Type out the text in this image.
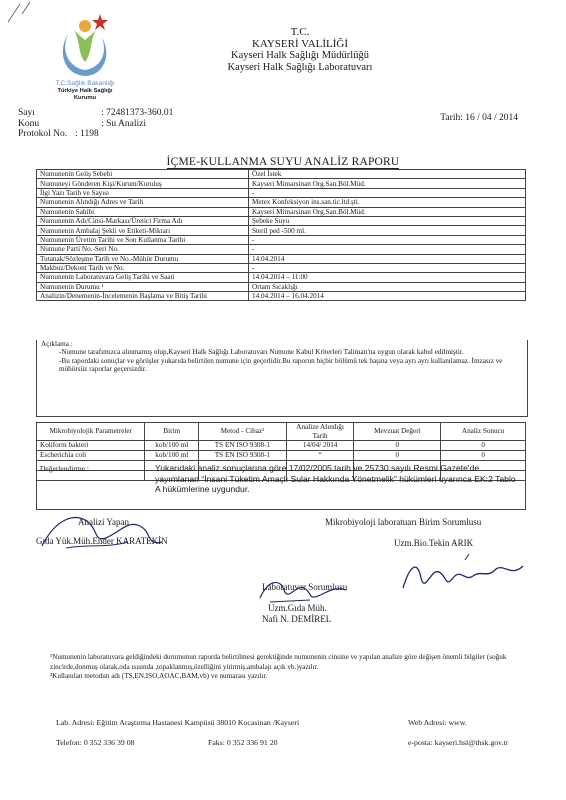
T.C.Sağlık Bakanlığı
Türkiye Halk Sağlığı
Kurumu
T.C.
KAYSERİ VALİLİĞİ
Kayseri Halk Sağlığı Müdürlüğü
Kayseri Halk Sağlığı Laboratuvarı
Sayı	: 72481373-360.01
Konu	: Su Analizi
Protokol No.	: 1198
Tarih: 16 / 04 / 2014
İÇME-KULLANMA SUYU ANALİZ RAPORU
Numunenin Geliş Sebebi	Özel İstek
Numuneyi Gönderen Kişi/Kurum/Kuruluş	Kayseri Mimarsinan Org.San.Böl.Müd.
İlgi Yazı Tarih ve Sayısı	-
Numunenin Alındığı Adres ve Tarih	Metex Konfeksiyon ins.san.tic.ltd.şti.
Numunenin Sahibi	Kayseri Mimarsinan Org.San.Böl.Müd.
Numunenin Adı/Cinsi-Markası/Üretici Firma Adı	Şebeke Suyu
Numunenin Ambalaj Şekli ve Etiketi-Miktarı	Steril ped -500 ml.
Numunenin Üretim Tarihi ve Son Kullanma Tarihi	-
Numune Parti No.-Seri No.	-
Tutanak/Sözleşme Tarih ve No.-Mühür Durumu	14.04.2014
Makbuz/Dekont Tarih ve No.	-
Numunenin Laboratuvara Geliş Tarihi ve Saati	14.04.2014 – 11:00
Numunenin Durumu ¹	Ortam Sıcaklığı
Analizin/Denemenin-İncelemenin Başlama ve Bitiş Tarihi	14.04.2014 – 16.04.2014
Açıklama :

-Numune tarafımızca alınmamış olup,Kayseri Halk Sağlığı Laboratuvarı Numune Kabul Kriterleri Talimatı'na uygun olarak kabul edilmiştir.

-Bu rapordaki sonuçlar ve görüşler yukarıda belirtilen numune için geçerlidir.Bu raporun hiçbir bölümü tek başına veya ayrı ayrı kullanılamaz. İmzasız ve mühürsüz raporlar geçersizdir.

Mikrobiyolojik Parametreler	Birim	Metod - Cihaz²	Analize Alındığı Tarih	Mevzuat Değeri	Analiz Sonucu
Koliform bakteri	kob/100 ml	TS EN ISO 9308-1	14/04/ 2014	0	0
Escherichia coli	kob/100 ml	TS EN ISO 9308-1	“	0	0

Değerlendirme :	Yukarıdaki analiz sonuçlarına göre 17/02/2005 tarih ve 25730 sayılı Resmi Gazete'de yayımlanan “İnsani Tüketim Amaçlı Sular Hakkında Yönetmelik” hükümleri uyarınca EK:2 Tablo A hükümlerine uygundur.
Analizi Yapan
Gıda Yük.Müh.Ender KARATEKİN
Mikrobiyoloji laboratuarı Birim Sorumlusu
Uzm.Bio.Tekin ARIK
Laboratuvar Sorumlusu
Uzm.Gıda Müh.
Nafi N. DEMİREL
¹Numunenin laboratuvara geldiğindeki durumunun raporda belirtilmesi gerektiğinde numunenin cinsine ve yapılan analize göre değişen önemli bilgiler (soğuk zincirde,donmuş olarak,oda ısısında ,topaklanmış,özelliğini yitirmiş,ambalajı açık vb.)yazılır.
²Kullanılan metodun adı (TS,EN,ISO,AOAC,BAM,vb) ve numarası yazılır.
Lab. Adresi: Eğitim Araştırma Hastanesi Kampüsü 38010 Kocasinan /Kayseri	Web Adresi: www.
Telefon: 0 352 336 39 08	Faks: 0 352 336 91 20	e-posta: kayseri.hsl@thsk.gov.tr
